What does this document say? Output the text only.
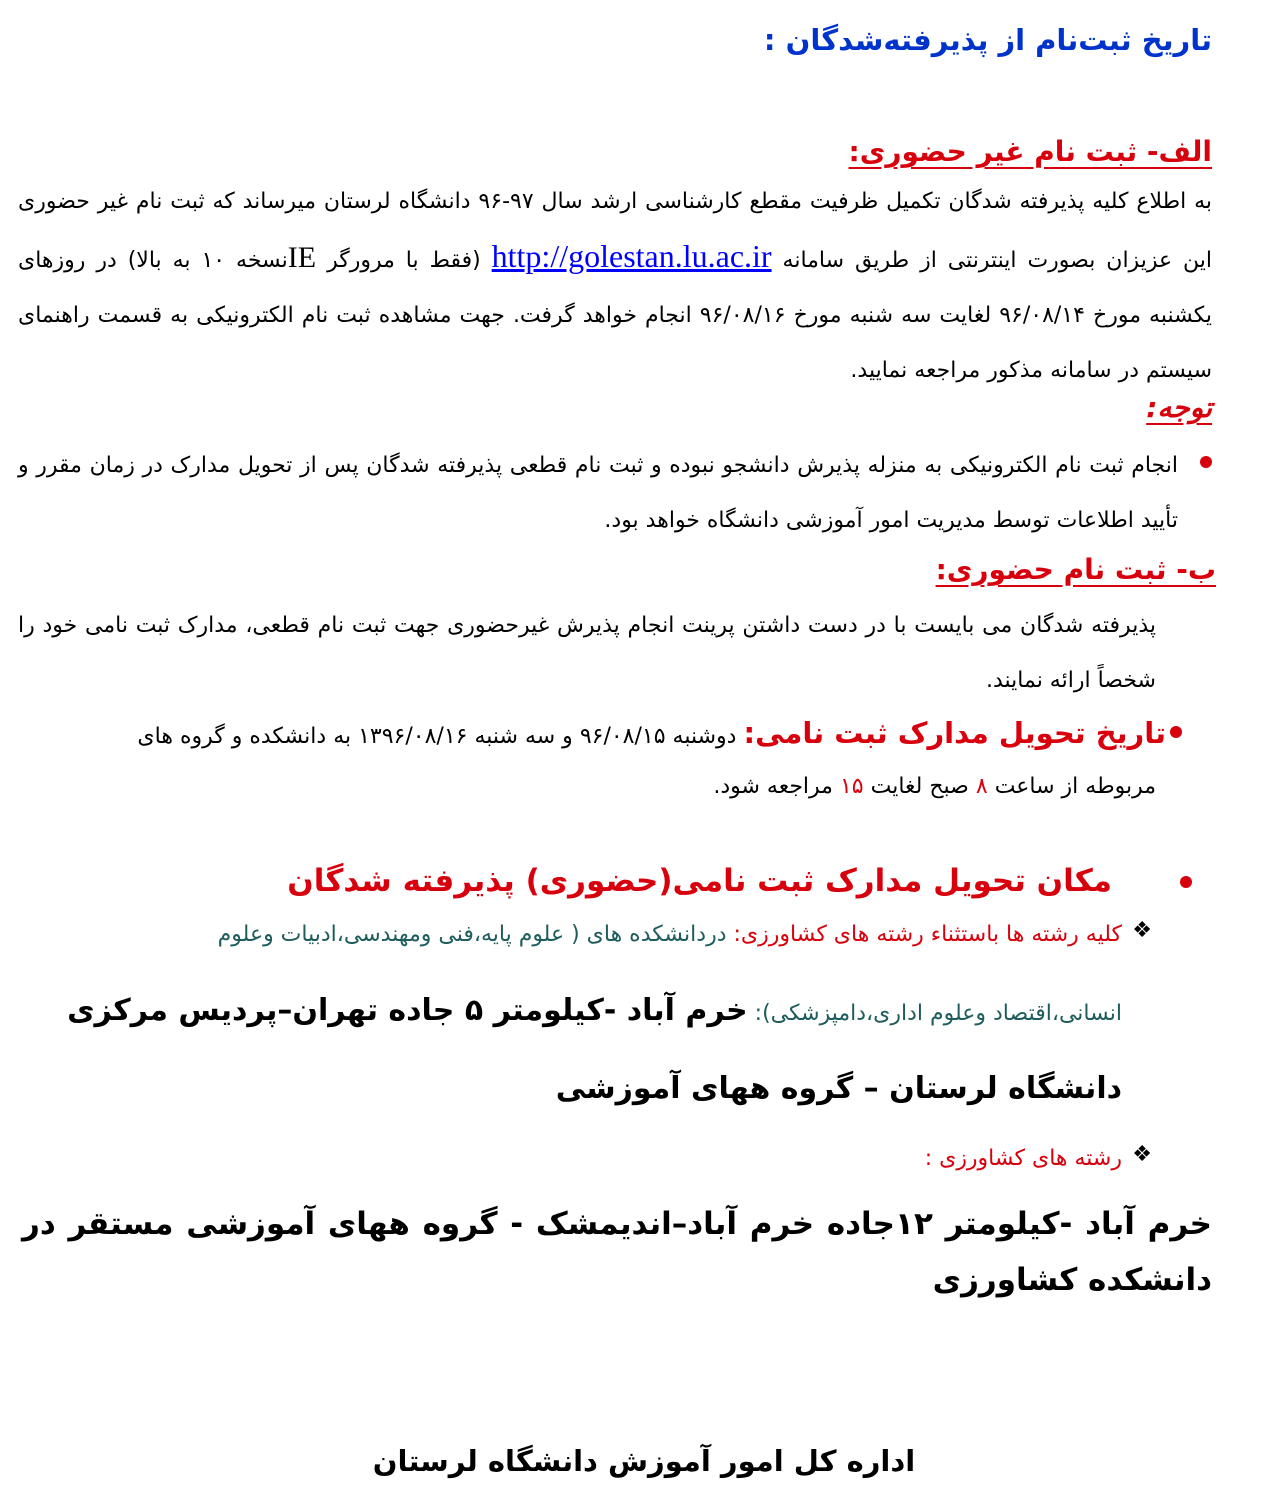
تاریخ ثبت‌نام از پذیرفته‌شدگان :
الف- ثبت نام غیر حضوری:
به اطلاع کلیه پذیرفته شدگان تکمیل ظرفیت مقطع کارشناسی ارشد سال ۹۷-۹۶ دانشگاه لرستان میرساند که ثبت نام غیر حضوری این عزیزان بصورت اینترنتی از طریق سامانه http://golestan.lu.ac.ir (فقط با مرورگر IEنسخه ۱۰ به بالا) در روزهای یکشنبه مورخ ۹۶/۰۸/۱۴ لغایت سه شنبه مورخ ۹۶/۰۸/۱۶ انجام خواهد گرفت. جهت مشاهده ثبت نام الکترونیکی به قسمت راهنمای سیستم در سامانه مذکور مراجعه نمایید.
توجه:
انجام ثبت نام الکترونیکی به منزله پذیرش دانشجو نبوده و ثبت نام قطعی پذیرفته شدگان پس از تحویل مدارک در زمان مقرر و تأیید اطلاعات توسط مدیریت امور آموزشی دانشگاه خواهد بود.
ب- ثبت نام حضوری:
پذیرفته شدگان می بایست با در دست داشتن پرینت انجام پذیرش غیرحضوری جهت ثبت نام قطعی، مدارک ثبت نامی خود را شخصاً ارائه نمایند.
تاریخ تحویل مدارک ثبت نامی: دوشنبه ۹۶/۰۸/۱۵ و سه شنبه ۱۳۹۶/۰۸/۱۶ به دانشکده و گروه های
مربوطه از ساعت ۸ صبح لغایت ۱۵ مراجعه شود.
مکان تحویل مدارک ثبت نامی(حضوری) پذیرفته شدگان
❖
کلیه رشته ها باستثناء رشته های کشاورزی: دردانشکده های ( علوم پایه،فنی ومهندسی،ادبیات وعلوم
انسانی،اقتصاد وعلوم اداری،دامپزشکی): خرم آباد -کیلومتر ۵ جاده تهران–پردیس مرکزی
دانشگاه لرستان – گروه ههای آموزشی
❖
رشته های کشاورزی :
خرم آباد -کیلومتر ۱۲جاده خرم آباد–اندیمشک - گروه ههای آموزشی مستقر در دانشکده کشاورزی
اداره کل امور آموزش دانشگاه لرستان
